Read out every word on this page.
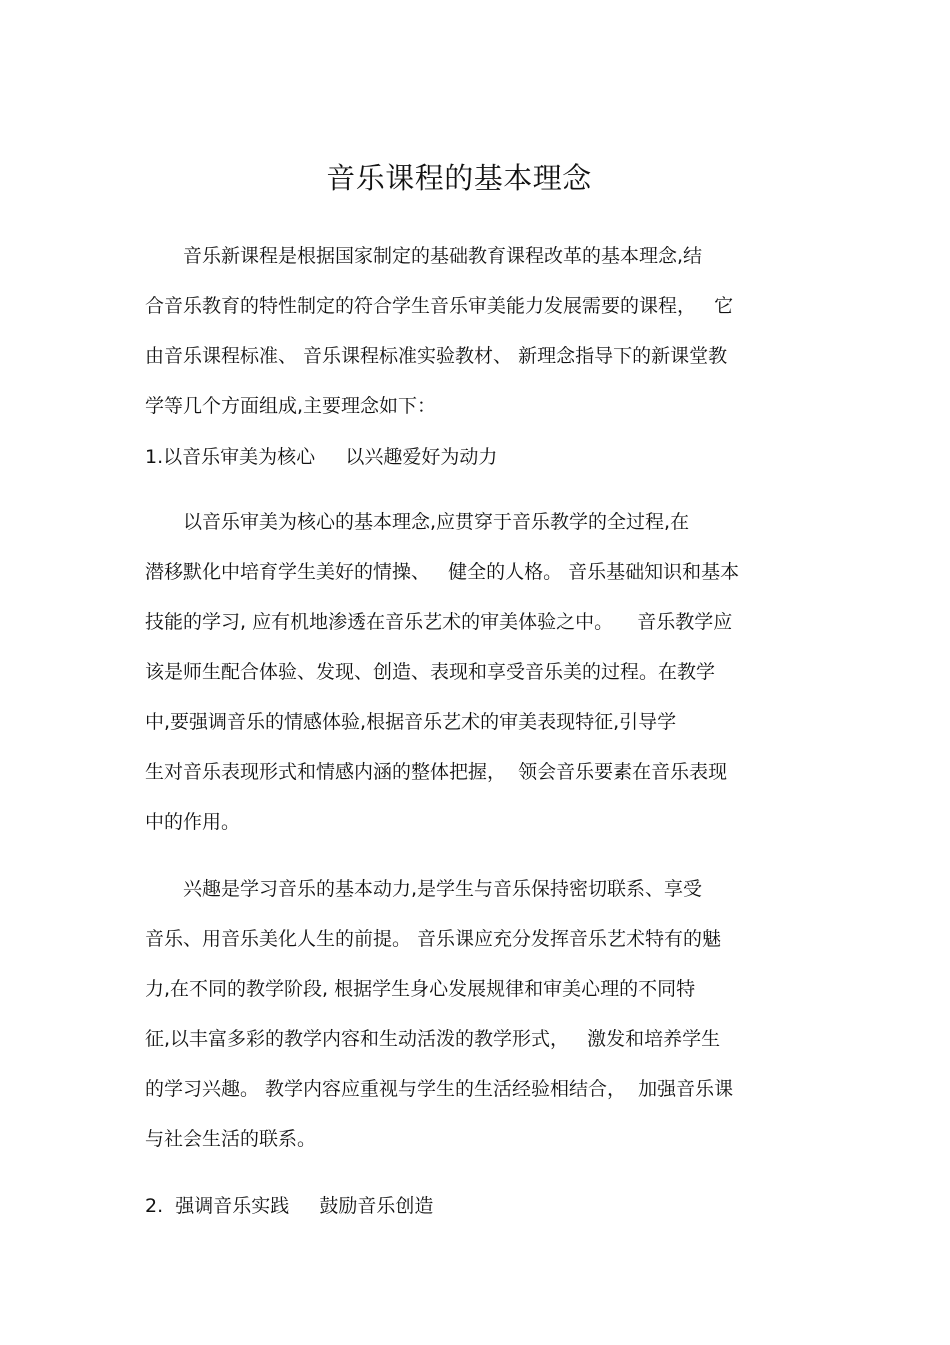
音乐课程的基本理念

音乐新课程是根据国家制定的基础教育课程改革的基本理念,结

合音乐教育的特性制定的符合学生音乐审美能力发展需要的课程，   它

由音乐课程标准、 音乐课程标准实验教材、 新理念指导下的新课堂教

学等几个方面组成,主要理念如下：

1.以音乐审美为核心     以兴趣爱好为动力

以音乐审美为核心的基本理念,应贯穿于音乐教学的全过程,在

潜移默化中培育学生美好的情操、   健全的人格。 音乐基础知识和基本

技能的学习, 应有机地渗透在音乐艺术的审美体验之中。    音乐教学应

该是师生配合体验、发现、创造、表现和享受音乐美的过程。在教学

中,要强调音乐的情感体验,根据音乐艺术的审美表现特征,引导学

生对音乐表现形式和情感内涵的整体把握，  领会音乐要素在音乐表现

中的作用。

兴趣是学习音乐的基本动力,是学生与音乐保持密切联系、享受

音乐、用音乐美化人生的前提。 音乐课应充分发挥音乐艺术特有的魅

力,在不同的教学阶段, 根据学生身心发展规律和审美心理的不同特

征,以丰富多彩的教学内容和生动活泼的教学形式，   激发和培养学生

的学习兴趣。 教学内容应重视与学生的生活经验相结合，  加强音乐课

与社会生活的联系。

2.  强调音乐实践     鼓励音乐创造
